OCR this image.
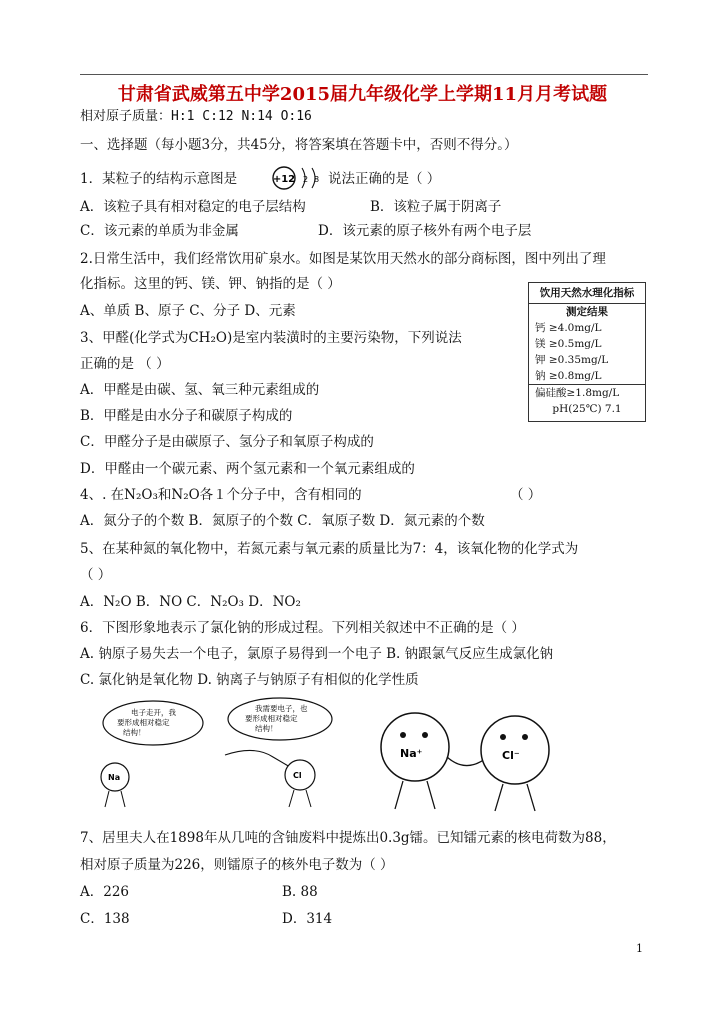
甘肃省武威第五中学2015届九年级化学上学期11月月考试题
相对原子质量：H:1 C:12 N:14 O:16
一、选择题（每小题3分，共45分，将答案填在答题卡中，否则不得分。）
1．某粒子的结构示意图是	+12 2 8 说法正确的是（ ）
A．该粒子具有相对稳定的电子层结构	B．该粒子属于阴离子
C．该元素的单质为非金属	D．该元素的原子核外有两个电子层
2.日常生活中，我们经常饮用矿泉水。如图是某饮用天然水的部分商标图，图中列出了理
化指标。这里的钙、镁、钾、钠指的是（ ）
A、单质 B、原子 C、分子 D、元素
饮用天然水理化指标
测定结果
钙 ≥4.0mg/L
镁 ≥0.5mg/L
钾 ≥0.35mg/L
钠 ≥0.8mg/L
偏硅酸≥1.8mg/L
pH(25℃) 7.1
3、甲醛(化学式为CH₂O)是室内装潢时的主要污染物，下列说法
正确的是 （ ）
A．甲醛是由碳、氢、氧三种元素组成的
B．甲醛是由水分子和碳原子构成的
C．甲醛分子是由碳原子、氢分子和氧原子构成的
D．甲醛由一个碳元素、两个氢元素和一个氧元素组成的
4、. 在N₂O₃和N₂O各１个分子中，含有相同的	（ ）
A．氮分子的个数 B．氮原子的个数 C．氧原子数 D．氮元素的个数
5、在某种氮的氧化物中，若氮元素与氧元素的质量比为7：4，该氧化物的化学式为
（ ）
A．N₂O B．NO C．N₂O₃ D．NO₂
6．下图形象地表示了氯化钠的形成过程。下列相关叙述中不正确的是（ ）
A. 钠原子易失去一个电子，氯原子易得到一个电子 B. 钠跟氯气反应生成氯化钠
C. 氯化钠是氧化物 D. 钠离子与钠原子有相似的化学性质
电子走开，我
要形成相对稳定
结构！
Na
我需要电子，也
要形成相对稳定
结构！
Cl
Na⁺	Cl⁻
7、居里夫人在1898年从几吨的含铀废料中提炼出0.3g镭。已知镭元素的核电荷数为88，
相对原子质量为226，则镭原子的核外电子数为（ ）
A．226	B. 88
C．138	D．314
1
